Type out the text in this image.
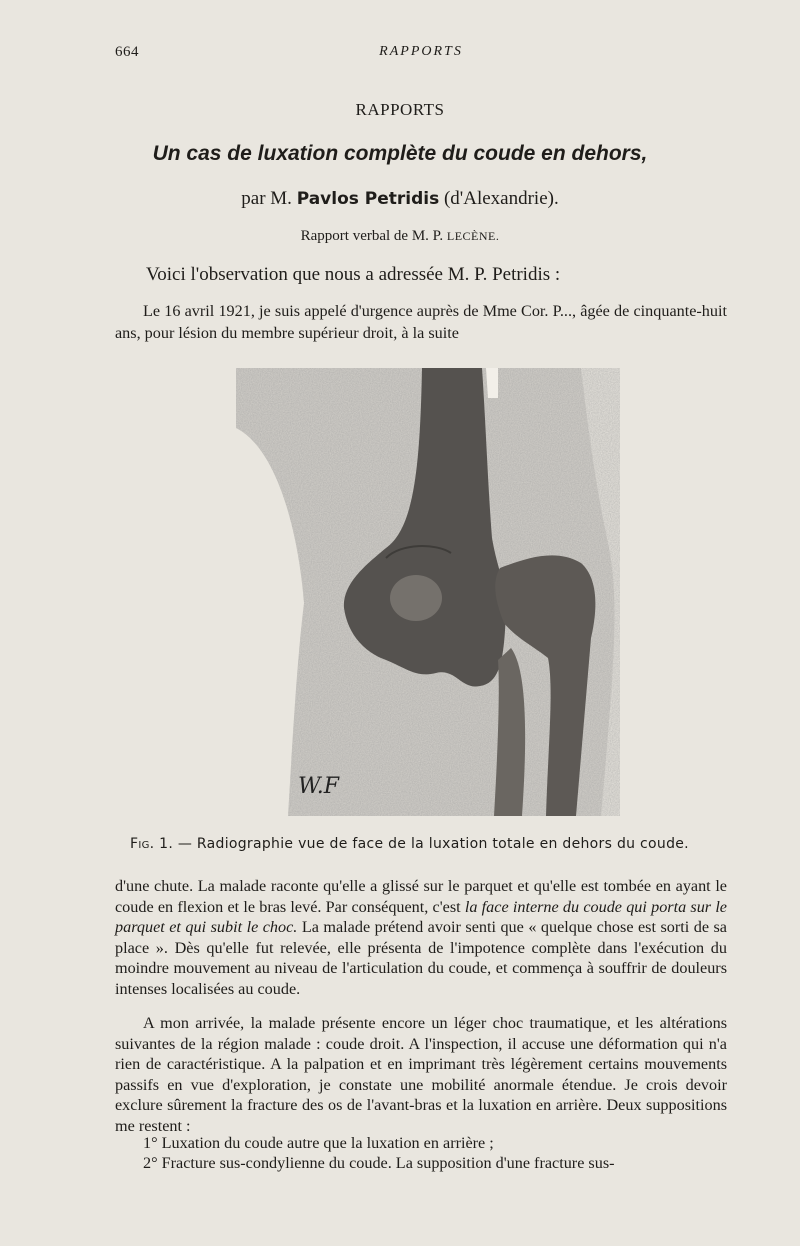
664	RAPPORTS
RAPPORTS
Un cas de luxation complète du coude en dehors,
par M. Pavlos Petridis (d'Alexandrie).
Rapport verbal de M. P. LECÈNE.
Voici l'observation que nous a adressée M. P. Petridis :
Le 16 avril 1921, je suis appelé d'urgence auprès de Mme Cor. P..., âgée de cinquante-huit ans, pour lésion du membre supérieur droit, à la suite
W.F
Fig. 1. — Radiographie vue de face de la luxation totale en dehors du coude.
d'une chute. La malade raconte qu'elle a glissé sur le parquet et qu'elle est tombée en ayant le coude en flexion et le bras levé. Par conséquent, c'est la face interne du coude qui porta sur le parquet et qui subit le choc. La malade prétend avoir senti que « quelque chose est sorti de sa place ». Dès qu'elle fut relevée, elle présenta de l'impotence complète dans l'exécution du moindre mouvement au niveau de l'articulation du coude, et commença à souffrir de douleurs intenses localisées au coude.
A mon arrivée, la malade présente encore un léger choc traumatique, et les altérations suivantes de la région malade : coude droit. A l'inspection, il accuse une déformation qui n'a rien de caractéristique. A la palpation et en imprimant très légèrement certains mouvements passifs en vue d'exploration, je constate une mobilité anormale étendue. Je crois devoir exclure sûrement la fracture des os de l'avant-bras et la luxation en arrière. Deux suppositions me restent :
1° Luxation du coude autre que la luxation en arrière ;
2° Fracture sus-condylienne du coude. La supposition d'une fracture sus-
